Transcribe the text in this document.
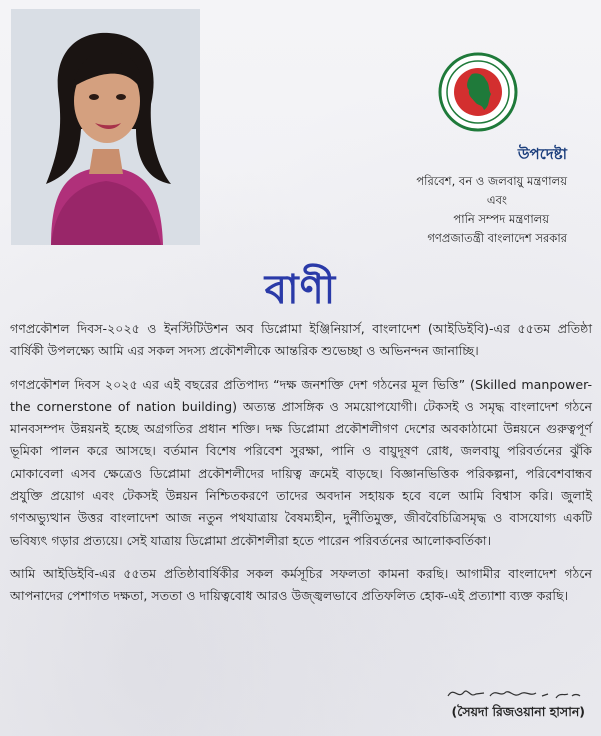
উপদেষ্টা
পরিবেশ, বন ও জলবায়ু মন্ত্রণালয়
এবং
পানি সম্পদ মন্ত্রণালয়
গণপ্রজাতন্ত্রী বাংলাদেশ সরকার
বাণী

গণপ্রকৌশল দিবস-২০২৫ ও ইনস্টিটিউশন অব ডিপ্লোমা ইঞ্জিনিয়ার্স, বাংলাদেশ (আইডিইবি)-এর ৫৫তম প্রতিষ্ঠা বার্ষিকী উপলক্ষ্যে আমি এর সকল সদস্য প্রকৌশলীকে আন্তরিক শুভেচ্ছা ও অভিনন্দন জানাচ্ছি।

গণপ্রকৌশল দিবস ২০২৫ এর এই বছরের প্রতিপাদ্য “দক্ষ জনশক্তি দেশ গঠনের মূল ভিত্তি” (Skilled manpower- the cornerstone of nation building) অত্যন্ত প্রাসঙ্গিক ও সময়োপযোগী। টেকসই ও সমৃদ্ধ বাংলাদেশ গঠনে মানবসম্পদ উন্নয়নই হচ্ছে অগ্রগতির প্রধান শক্তি। দক্ষ ডিপ্লোমা প্রকৌশলীগণ দেশের অবকাঠামো উন্নয়নে গুরুত্বপূর্ণ ভূমিকা পালন করে আসছে। বর্তমান বিশেষ পরিবেশ সুরক্ষা, পানি ও বায়ুদূষণ রোধ, জলবায়ু পরিবর্তনের ঝুঁকি মোকাবেলা এসব ক্ষেত্রেও ডিপ্লোমা প্রকৌশলীদের দায়িত্ব ক্রমেই বাড়ছে। বিজ্ঞানভিত্তিক পরিকল্পনা, পরিবেশবান্ধব প্রযুক্তি প্রয়োগ এবং টেকসই উন্নয়ন নিশ্চিতকরণে তাদের অবদান সহায়ক হবে বলে আমি বিশ্বাস করি। জুলাই গণঅভ্যুত্থান উত্তর বাংলাদেশ আজ নতুন পথযাত্রায় বৈষম্যহীন, দুর্নীতিমুক্ত, জীববৈচিত্রিসমৃদ্ধ ও বাসযোগ্য একটি ভবিষ্যৎ গড়ার প্রত্যয়ে। সেই যাত্রায় ডিপ্লোমা প্রকৌশলীরা হতে পারেন পরিবর্তনের আলোকবর্তিকা।

আমি আইডিইবি-এর ৫৫তম প্রতিষ্ঠাবার্ষিকীর সকল কর্মসূচির সফলতা কামনা করছি। আগামীর বাংলাদেশ গঠনে আপনাদের পেশাগত দক্ষতা, সততা ও দায়িত্ববোধ আরও উজ্জ্বলভাবে প্রতিফলিত হোক-এই প্রত্যাশা ব্যক্ত করছি।

(সৈয়দা রিজওয়ানা হাসান)
